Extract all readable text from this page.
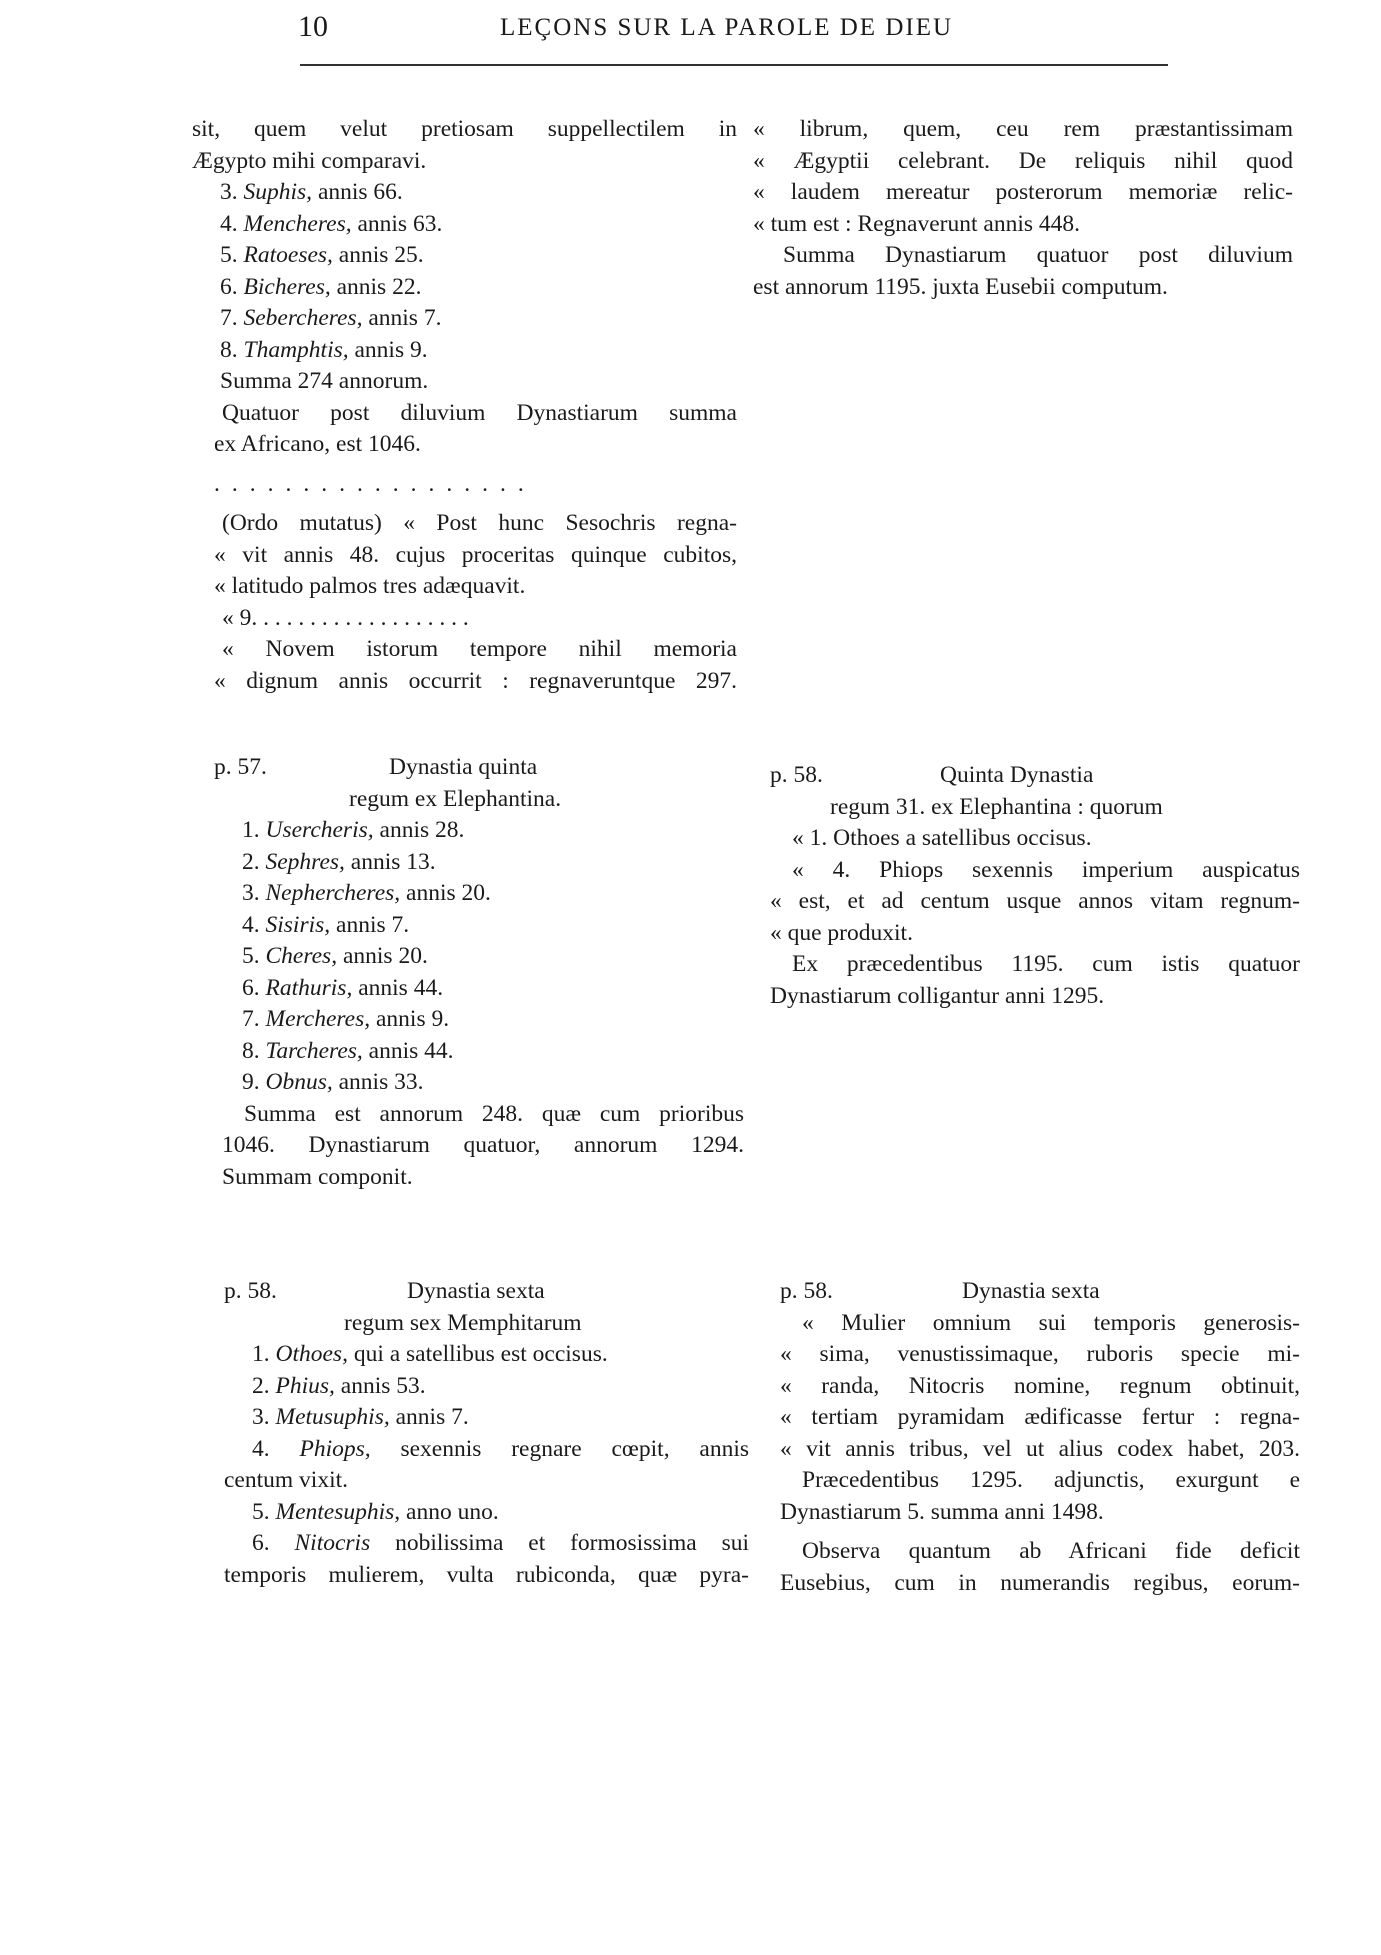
10	LEÇONS SUR LA PAROLE DE DIEU
sit, quem velut pretiosam suppellectilem in
Ægypto mihi comparavi.
3. Suphis, annis 66.
4. Mencheres, annis 63.
5. Ratoeses, annis 25.
6. Bicheres, annis 22.
7. Sebercheres, annis 7.
8. Thamphtis, annis 9.
Summa 274 annorum.
Quatuor post diluvium Dynastiarum summa
ex Africano, est 1046.
..................
(Ordo mutatus) « Post hunc Sesochris regna-
« vit annis 48. cujus proceritas quinque cubitos,
« latitudo palmos tres adæquavit.
« 9. . . . . . . . . . . . . . . . . . .
« Novem istorum tempore nihil memoria
« dignum annis occurrit : regnaveruntque 297.
« librum, quem, ceu rem præstantissimam
« Ægyptii celebrant. De reliquis nihil quod
« laudem mereatur posterorum memoriæ relic-
« tum est : Regnaverunt annis 448.
Summa Dynastiarum quatuor post diluvium
est annorum 1195. juxta Eusebii computum.
p. 57.	Dynastia quinta
regum ex Elephantina.
1. Usercheris, annis 28.
2. Sephres, annis 13.
3. Nephercheres, annis 20.
4. Sisiris, annis 7.
5. Cheres, annis 20.
6. Rathuris, annis 44.
7. Mercheres, annis 9.
8. Tarcheres, annis 44.
9. Obnus, annis 33.
Summa est annorum 248. quæ cum prioribus
1046. Dynastiarum quatuor, annorum 1294.
Summam componit.
p. 58.	Quinta Dynastia
regum 31. ex Elephantina : quorum
« 1. Othoes a satellibus occisus.
« 4. Phiops sexennis imperium auspicatus
« est, et ad centum usque annos vitam regnum-
« que produxit.
Ex præcedentibus 1195. cum istis quatuor
Dynastiarum colligantur anni 1295.
p. 58.	Dynastia sexta
regum sex Memphitarum
1. Othoes, qui a satellibus est occisus.
2. Phius, annis 53.
3. Metusuphis, annis 7.
4. Phiops, sexennis regnare cœpit, annis
centum vixit.
5. Mentesuphis, anno uno.
6. Nitocris nobilissima et formosissima sui
temporis mulierem, vulta rubiconda, quæ pyra-
p. 58.	Dynastia sexta
« Mulier omnium sui temporis generosis-
« sima, venustissimaque, ruboris specie mi-
« randa, Nitocris nomine, regnum obtinuit,
« tertiam pyramidam ædificasse fertur : regna-
« vit annis tribus, vel ut alius codex habet, 203.
Præcedentibus 1295. adjunctis, exurgunt e
Dynastiarum 5. summa anni 1498.
Observa quantum ab Africani fide deficit
Eusebius, cum in numerandis regibus, eorum-
